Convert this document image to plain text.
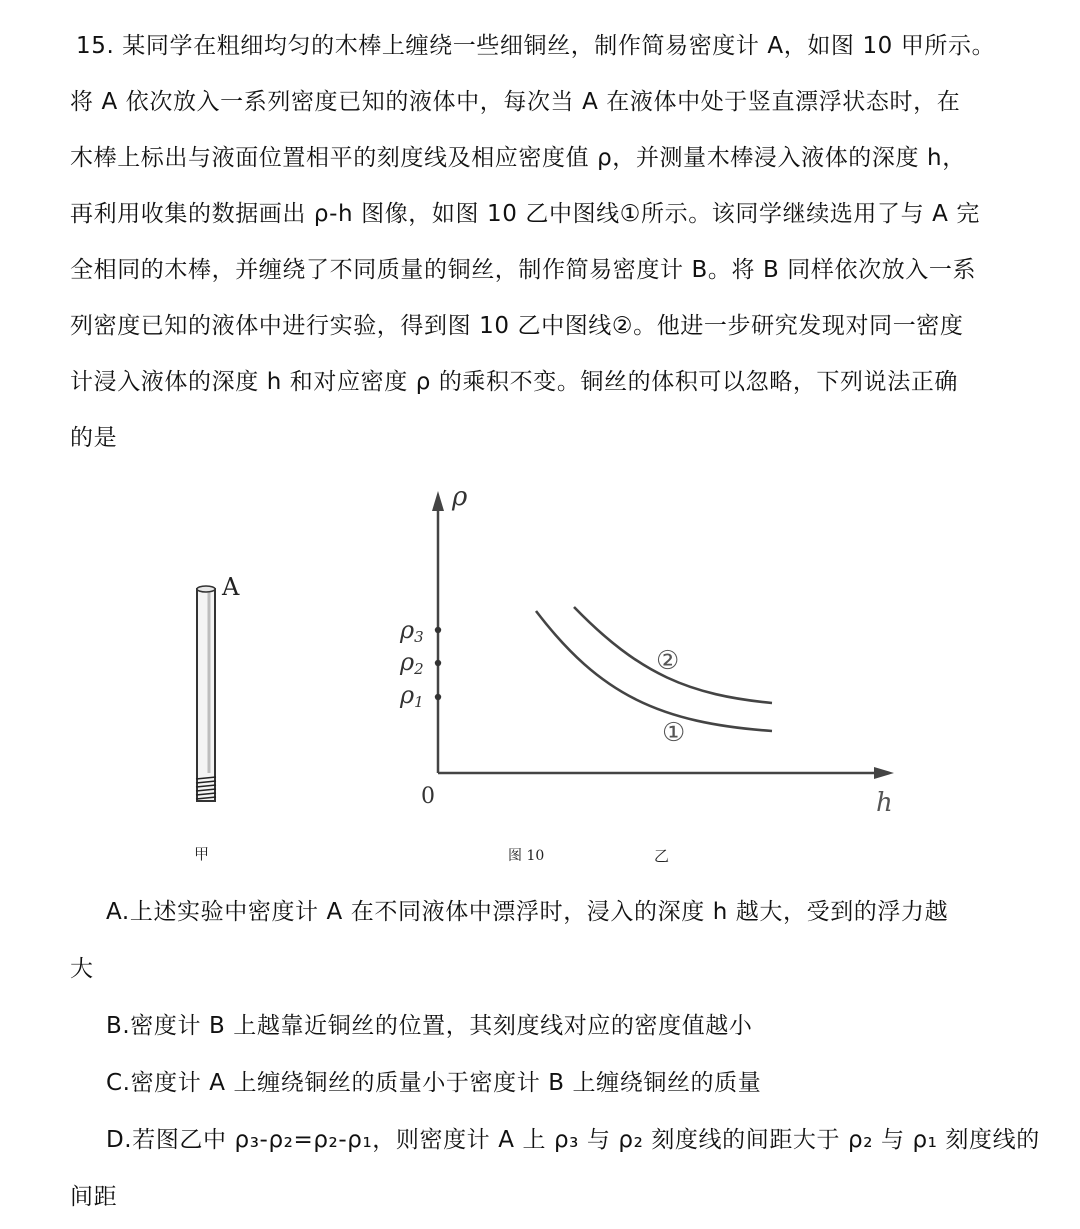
15. 某同学在粗细均匀的木棒上缠绕一些细铜丝，制作简易密度计 A，如图 10 甲所示。
将 A 依次放入一系列密度已知的液体中，每次当 A 在液体中处于竖直漂浮状态时，在
木棒上标出与液面位置相平的刻度线及相应密度值 ρ，并测量木棒浸入液体的深度 h，
再利用收集的数据画出 ρ-h 图像，如图 10 乙中图线①所示。该同学继续选用了与 A 完
全相同的木棒，并缠绕了不同质量的铜丝，制作简易密度计 B。将 B 同样依次放入一系
列密度已知的液体中进行实验，得到图 10 乙中图线②。他进一步研究发现对同一密度
计浸入液体的深度 h 和对应密度 ρ 的乘积不变。铜丝的体积可以忽略，下列说法正确
的是
A
ρ
h
0
ρ3
ρ2
ρ1
②
①
甲	图 10	乙
A.上述实验中密度计 A 在不同液体中漂浮时，浸入的深度 h 越大，受到的浮力越
大
B.密度计 B 上越靠近铜丝的位置，其刻度线对应的密度值越小
C.密度计 A 上缠绕铜丝的质量小于密度计 B 上缠绕铜丝的质量
D.若图乙中 ρ₃-ρ₂=ρ₂-ρ₁，则密度计 A 上 ρ₃ 与 ρ₂ 刻度线的间距大于 ρ₂ 与 ρ₁ 刻度线的
间距
